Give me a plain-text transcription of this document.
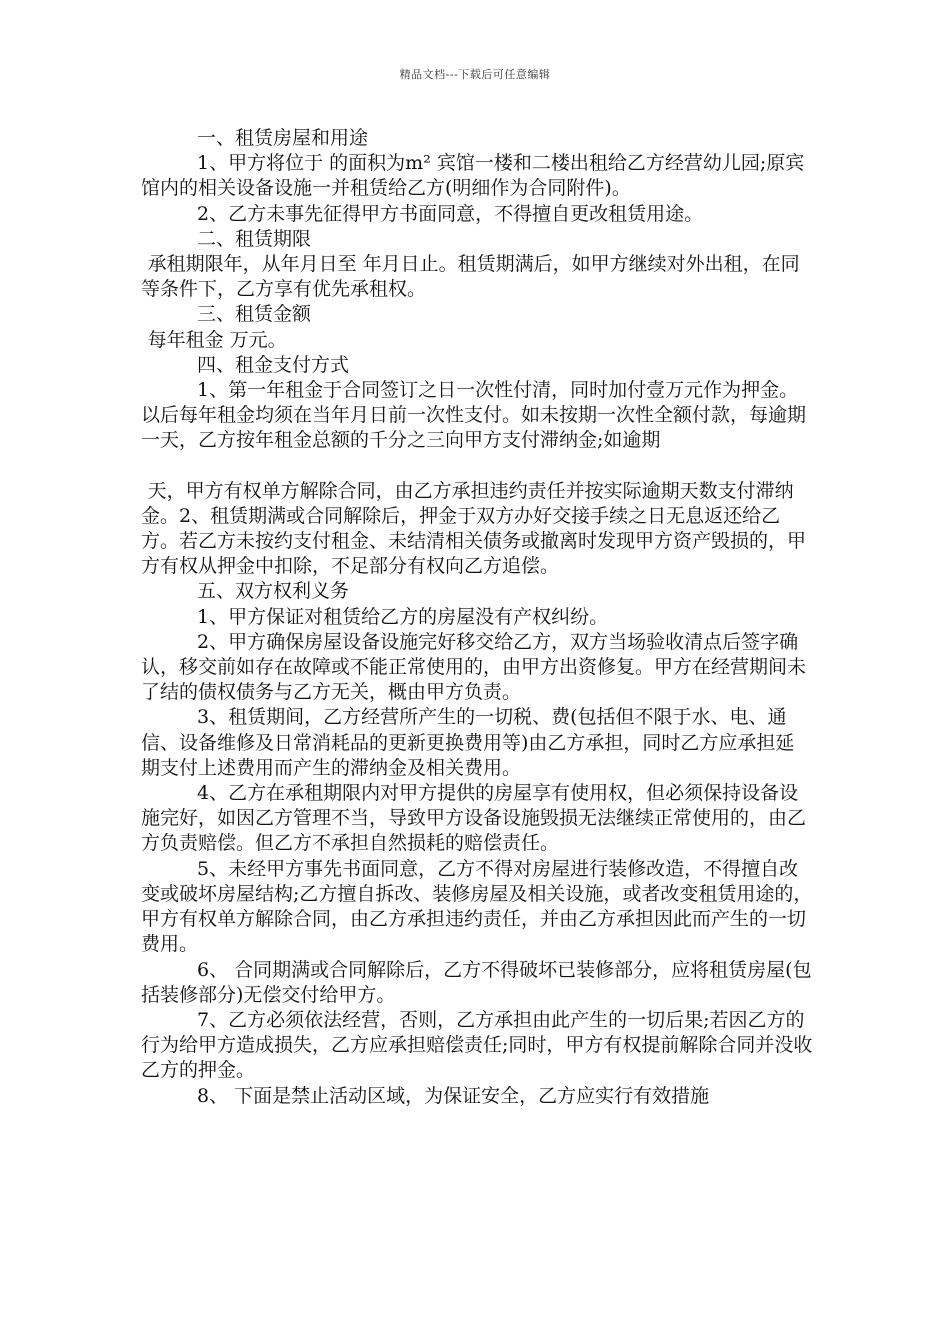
精品文档---下载后可任意编辑

一、租赁房屋和用途

1、甲方将位于 的面积为m² 宾馆一楼和二楼出租给乙方经营幼儿园;原宾馆内的相关设备设施一并租赁给乙方(明细作为合同附件)。

2、乙方未事先征得甲方书面同意，不得擅自更改租赁用途。

二、租赁期限

承租期限年，从年月日至 年月日止。租赁期满后，如甲方继续对外出租，在同等条件下，乙方享有优先承租权。

三、租赁金额

每年租金 万元。

四、租金支付方式

1、第一年租金于合同签订之日一次性付清，同时加付壹万元作为押金。以后每年租金均须在当年月日前一次性支付。如未按期一次性全额付款，每逾期一天，乙方按年租金总额的千分之三向甲方支付滞纳金;如逾期

天，甲方有权单方解除合同，由乙方承担违约责任并按实际逾期天数支付滞纳金。2、租赁期满或合同解除后，押金于双方办好交接手续之日无息返还给乙方。若乙方未按约支付租金、未结清相关债务或撤离时发现甲方资产毁损的，甲方有权从押金中扣除，不足部分有权向乙方追偿。

五、双方权利义务

1、甲方保证对租赁给乙方的房屋没有产权纠纷。

2、甲方确保房屋设备设施完好移交给乙方，双方当场验收清点后签字确认，移交前如存在故障或不能正常使用的，由甲方出资修复。甲方在经营期间未了结的债权债务与乙方无关，概由甲方负责。

3、租赁期间，乙方经营所产生的一切税、费(包括但不限于水、电、通信、设备维修及日常消耗品的更新更换费用等)由乙方承担，同时乙方应承担延期支付上述费用而产生的滞纳金及相关费用。

4、乙方在承租期限内对甲方提供的房屋享有使用权，但必须保持设备设施完好，如因乙方管理不当，导致甲方设备设施毁损无法继续正常使用的，由乙方负责赔偿。但乙方不承担自然损耗的赔偿责任。

5、未经甲方事先书面同意，乙方不得对房屋进行装修改造，不得擅自改变或破坏房屋结构;乙方擅自拆改、装修房屋及相关设施，或者改变租赁用途的，甲方有权单方解除合同，由乙方承担违约责任，并由乙方承担因此而产生的一切费用。

6、 合同期满或合同解除后，乙方不得破坏已装修部分，应将租赁房屋(包括装修部分)无偿交付给甲方。

7、乙方必须依法经营，否则，乙方承担由此产生的一切后果;若因乙方的行为给甲方造成损失，乙方应承担赔偿责任;同时，甲方有权提前解除合同并没收乙方的押金。

8、 下面是禁止活动区域，为保证安全，乙方应实行有效措施
